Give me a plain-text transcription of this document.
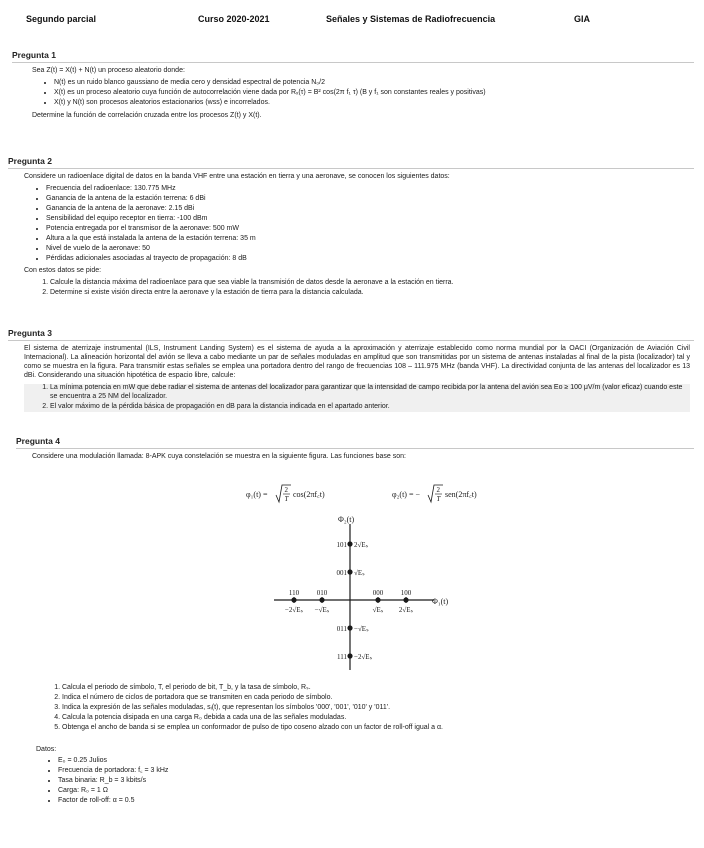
Segundo parcial	Curso 2020-2021	Señales y Sistemas de Radiofrecuencia	GIA
Pregunta 1

Sea Z(t) = X(t) + N(t) un proceso aleatorio donde:

• N(t) es un ruido blanco gaussiano de media cero y densidad espectral de potencia N₀/2
• X(t) es un proceso aleatorio cuya función de autocorrelación viene dada por Rₓ(τ) = B² cos(2π f₁ τ) (B y f₁ son constantes reales y positivas)
• X(t) y N(t) son procesos aleatorios estacionarios (wss) e incorrelados.

Determine la función de correlación cruzada entre los procesos Z(t) y X(t).

Pregunta 2

Considere un radioenlace digital de datos en la banda VHF entre una estación en tierra y una aeronave, se conocen los siguientes datos:

• Frecuencia del radioenlace: 130.775 MHz
• Ganancia de la antena de la estación terrena: 6 dBi
• Ganancia de la antena de la aeronave: 2.15 dBi
• Sensibilidad del equipo receptor en tierra: -100 dBm
• Potencia entregada por el transmisor de la aeronave: 500 mW
• Altura a la que está instalada la antena de la estación terrena: 35 m
• Nivel de vuelo de la aeronave: 50
• Pérdidas adicionales asociadas al trayecto de propagación: 8 dB

Con estos datos se pide:

1. Calcule la distancia máxima del radioenlace para que sea viable la transmisión de datos desde la aeronave a la estación en tierra.
2. Determine si existe visión directa entre la aeronave y la estación de tierra para la distancia calculada.
Pregunta 3

El sistema de aterrizaje instrumental (ILS, Instrument Landing System) es el sistema de ayuda a la aproximación y aterrizaje establecido como norma mundial por la OACI (Organización de Aviación Civil Internacional). La alineación horizontal del avión se lleva a cabo mediante un par de señales moduladas en amplitud que son transmitidas por un sistema de antenas instaladas al final de la pista (localizador) tal y como se muestra en la figura. Para transmitir estas señales se emplea una portadora dentro del rango de frecuencias 108 – 111.975 MHz (banda VHF). La directividad conjunta de las antenas del localizador es 13 dBi. Considerando una situación hipotética de espacio libre, calcule:

1. La mínima potencia en mW que debe radiar el sistema de antenas del localizador para garantizar que la intensidad de campo recibida por la antena del avión sea Eo ≥ 100 μV/m (valor eficaz) cuando este se encuentra a 25 NM del localizador.
2. El valor máximo de la pérdida básica de propagación en dB para la distancia indicada en el apartado anterior.
Pregunta 4

Considere una modulación llamada: 8-APK cuya constelación se muestra en la siguiente figura. Las funciones base son:

φ₁(t) = 2
T cos(2πf꜀t)	φ₂(t) = − 2
T sen(2πf꜀t)
Φ₂(t)
Φ₁(t)
101 2√Eₛ
001 √Eₛ
011 −√Eₛ
111 −2√Eₛ
110
−2√Eₛ
010
−√Eₛ
000
√Eₛ
100
2√Eₛ
1. Calcula el periodo de símbolo, T, el periodo de bit, T_b, y la tasa de símbolo, Rₛ.
2. Indica el número de ciclos de portadora que se transmiten en cada periodo de símbolo.
3. Indica la expresión de las señales moduladas, sᵢ(t), que representan los símbolos '000', '001', '010' y '011'.
4. Calcula la potencia disipada en una carga R₀ debida a cada una de las señales moduladas.
5. Obtenga el ancho de banda si se emplea un conformador de pulso de tipo coseno alzado con un factor de roll-off igual a α.
Datos:
• E₀ = 0.25 Julios
• Frecuencia de portadora: f꜀ = 3 kHz
• Tasa binaria: R_b = 3 kbits/s
• Carga: R₀ = 1 Ω
• Factor de roll-off: α = 0.5
